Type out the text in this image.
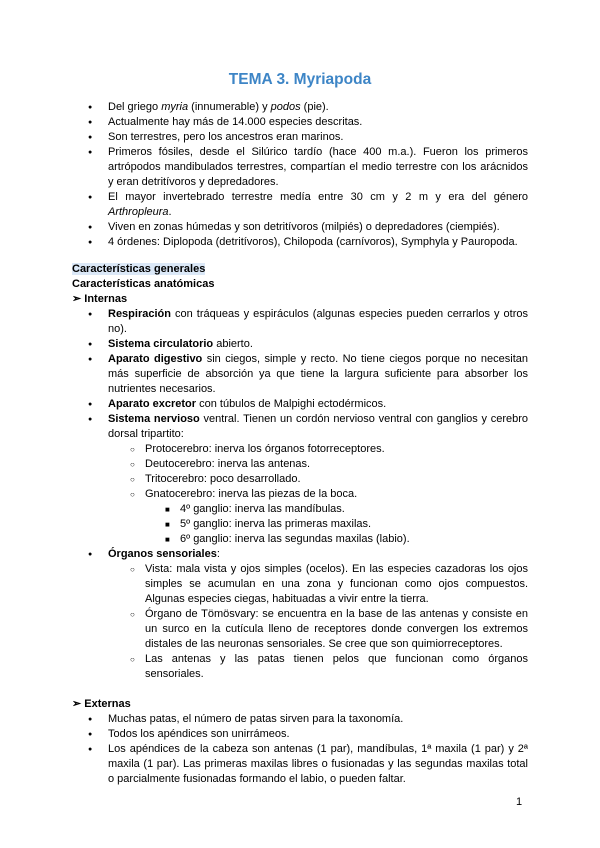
TEMA 3. Myriapoda
● Del griego myria (innumerable) y podos (pie).
● Actualmente hay más de 14.000 especies descritas.
● Son terrestres, pero los ancestros eran marinos.
● Primeros fósiles, desde el Silúrico tardío (hace 400 m.a.). Fueron los primeros artrópodos mandibulados terrestres, compartían el medio terrestre con los arácnidos y eran detritívoros y depredadores.
● El mayor invertebrado terrestre medía entre 30 cm y 2 m y era del género Arthropleura.
● Viven en zonas húmedas y son detritívoros (milpiés) o depredadores (ciempiés).
● 4 órdenes: Diplopoda (detritívoros), Chilopoda (carnívoros), Symphyla y Pauropoda.
Características generales
Características anatómicas
➢ Internas
● Respiración con tráqueas y espiráculos (algunas especies pueden cerrarlos y otros no).
● Sistema circulatorio abierto.
● Aparato digestivo sin ciegos, simple y recto. No tiene ciegos porque no necesitan más superficie de absorción ya que tiene la largura suficiente para absorber los nutrientes necesarios.
● Aparato excretor con túbulos de Malpighi ectodérmicos.
● Sistema nervioso ventral. Tienen un cordón nervioso ventral con ganglios y cerebro dorsal tripartito:
○ Protocerebro: inerva los órganos fotorreceptores.
○ Deutocerebro: inerva las antenas.
○ Tritocerebro: poco desarrollado.
○ Gnatocerebro: inerva las piezas de la boca.
■ 4º ganglio: inerva las mandíbulas.
■ 5º ganglio: inerva las primeras maxilas.
■ 6º ganglio: inerva las segundas maxilas (labio).
● Órganos sensoriales:
○ Vista: mala vista y ojos simples (ocelos). En las especies cazadoras los ojos simples se acumulan en una zona y funcionan como ojos compuestos. Algunas especies ciegas, habituadas a vivir entre la tierra.
○ Órgano de Tömösvary: se encuentra en la base de las antenas y consiste en un surco en la cutícula lleno de receptores donde convergen los extremos distales de las neuronas sensoriales. Se cree que son quimiorreceptores.
○ Las antenas y las patas tienen pelos que funcionan como órganos sensoriales.
➢ Externas
● Muchas patas, el número de patas sirven para la taxonomía.
● Todos los apéndices son unirrámeos.
● Los apéndices de la cabeza son antenas (1 par), mandíbulas, 1ª maxila (1 par) y 2ª maxila (1 par). Las primeras maxilas libres o fusionadas y las segundas maxilas total o parcialmente fusionadas formando el labio, o pueden faltar.
1
